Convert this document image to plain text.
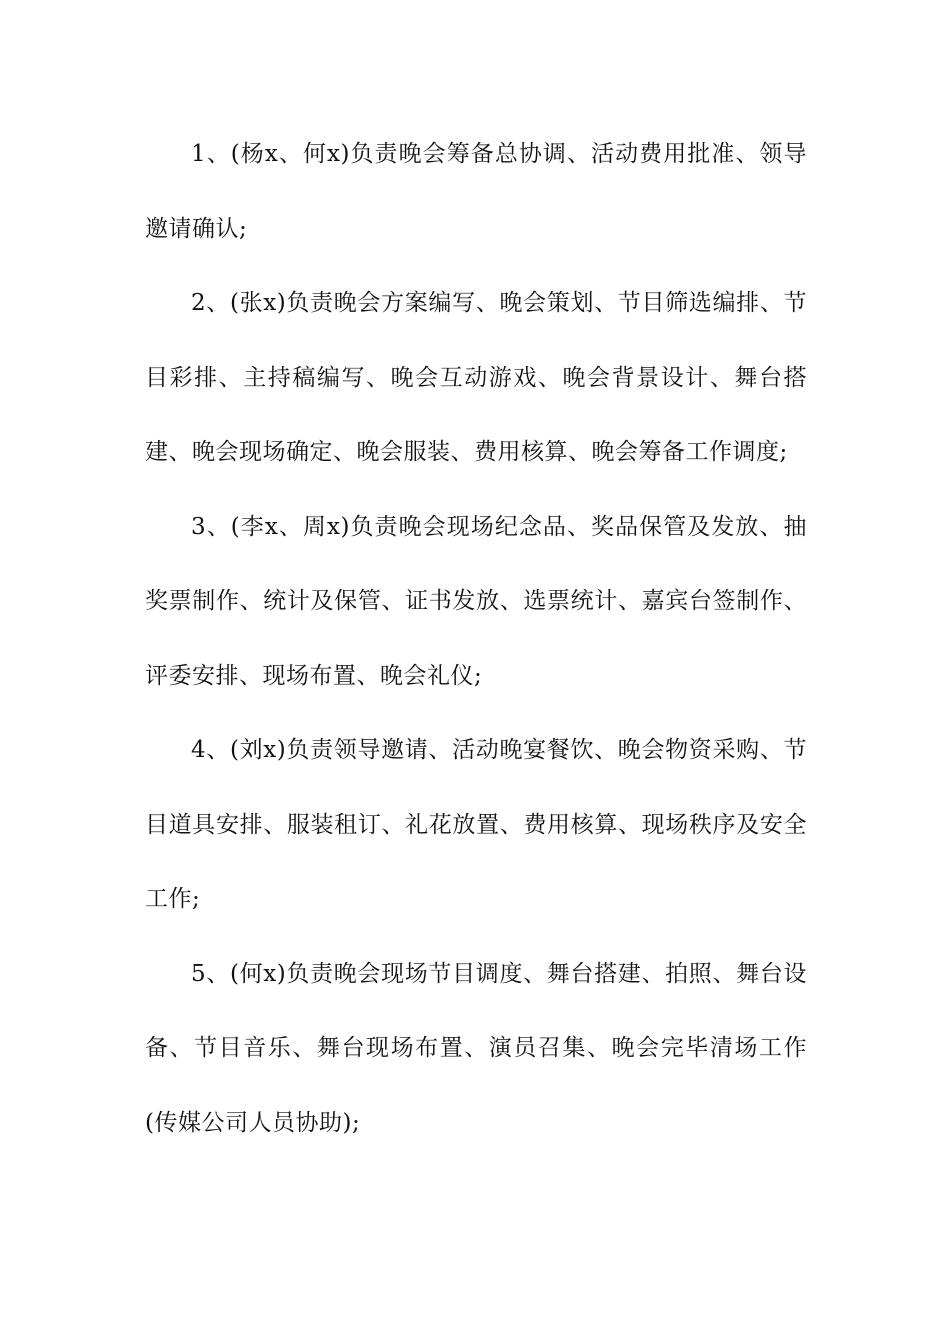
1、(杨x、何x)负责晚会筹备总协调、活动费用批准、领导邀请确认;

2、(张x)负责晚会方案编写、晚会策划、节目筛选编排、节目彩排、主持稿编写、晚会互动游戏、晚会背景设计、舞台搭建、晚会现场确定、晚会服装、费用核算、晚会筹备工作调度;

3、(李x、周x)负责晚会现场纪念品、奖品保管及发放、抽奖票制作、统计及保管、证书发放、选票统计、嘉宾台签制作、评委安排、现场布置、晚会礼仪;

4、(刘x)负责领导邀请、活动晚宴餐饮、晚会物资采购、节目道具安排、服装租订、礼花放置、费用核算、现场秩序及安全工作;

5、(何x)负责晚会现场节目调度、舞台搭建、拍照、舞台设备、节目音乐、舞台现场布置、演员召集、晚会完毕清场工作(传媒公司人员协助);
